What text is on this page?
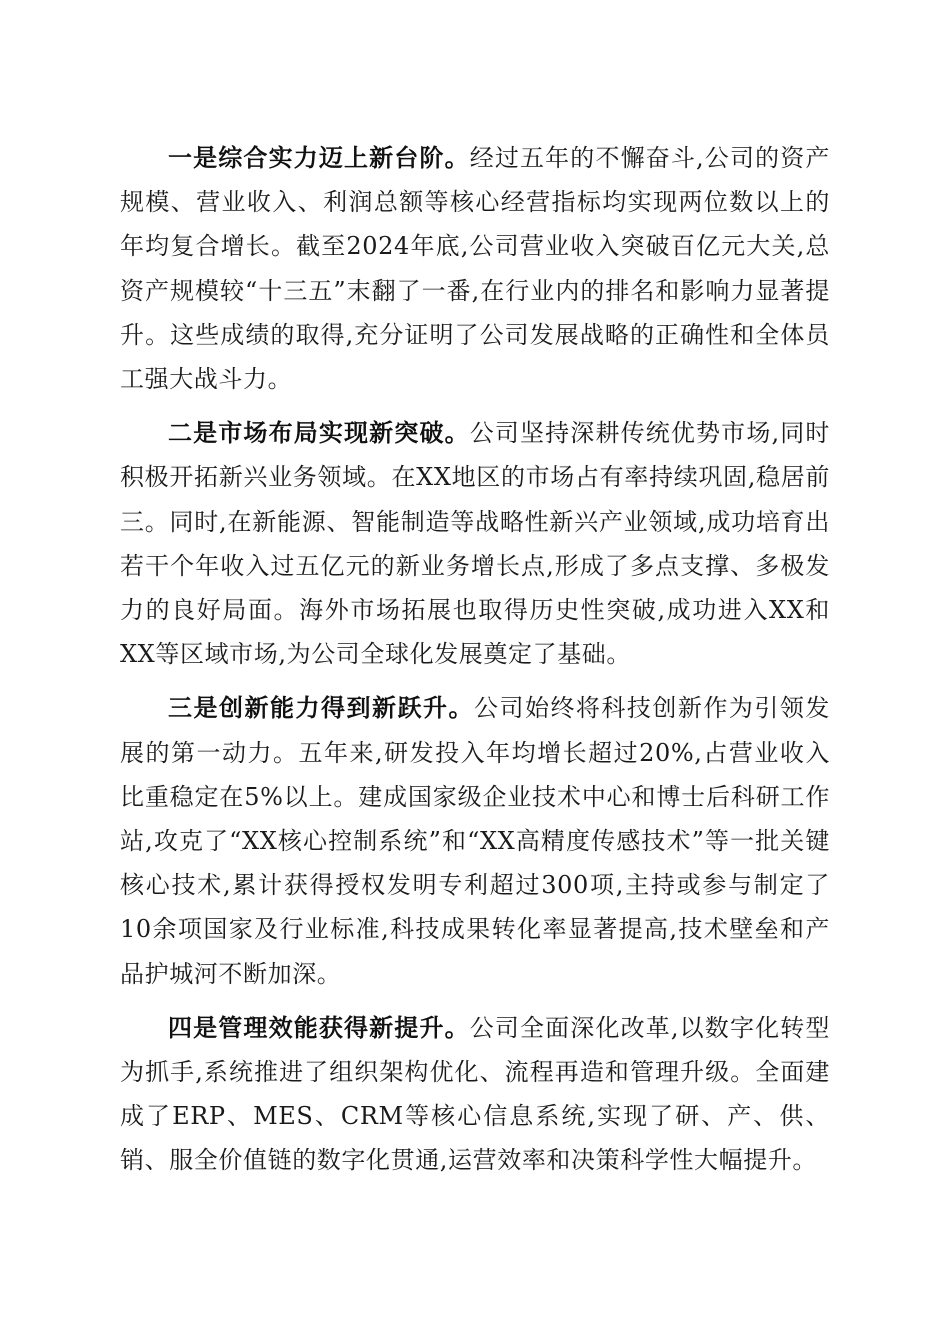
一是综合实力迈上新台阶。经过五年的不懈奋斗,公司的资产规模、营业收入、利润总额等核心经营指标均实现两位数以上的年均复合增长。截至2024年底,公司营业收入突破百亿元大关,总资产规模较“十三五”末翻了一番,在行业内的排名和影响力显著提升。这些成绩的取得,充分证明了公司发展战略的正确性和全体员工强大战斗力。

二是市场布局实现新突破。公司坚持深耕传统优势市场,同时积极开拓新兴业务领域。在XX地区的市场占有率持续巩固,稳居前三。同时,在新能源、智能制造等战略性新兴产业领域,成功培育出若干个年收入过五亿元的新业务增长点,形成了多点支撑、多极发力的良好局面。海外市场拓展也取得历史性突破,成功进入XX和XX等区域市场,为公司全球化发展奠定了基础。

三是创新能力得到新跃升。公司始终将科技创新作为引领发展的第一动力。五年来,研发投入年均增长超过20%,占营业收入比重稳定在5%以上。建成国家级企业技术中心和博士后科研工作站,攻克了“XX核心控制系统”和“XX高精度传感技术”等一批关键核心技术,累计获得授权发明专利超过300项,主持或参与制定了10余项国家及行业标准,科技成果转化率显著提高,技术壁垒和产品护城河不断加深。

四是管理效能获得新提升。公司全面深化改革,以数字化转型为抓手,系统推进了组织架构优化、流程再造和管理升级。全面建成了ERP、MES、CRM等核心信息系统,实现了研、产、供、销、服全价值链的数字化贯通,运营效率和决策科学性大幅提升。
